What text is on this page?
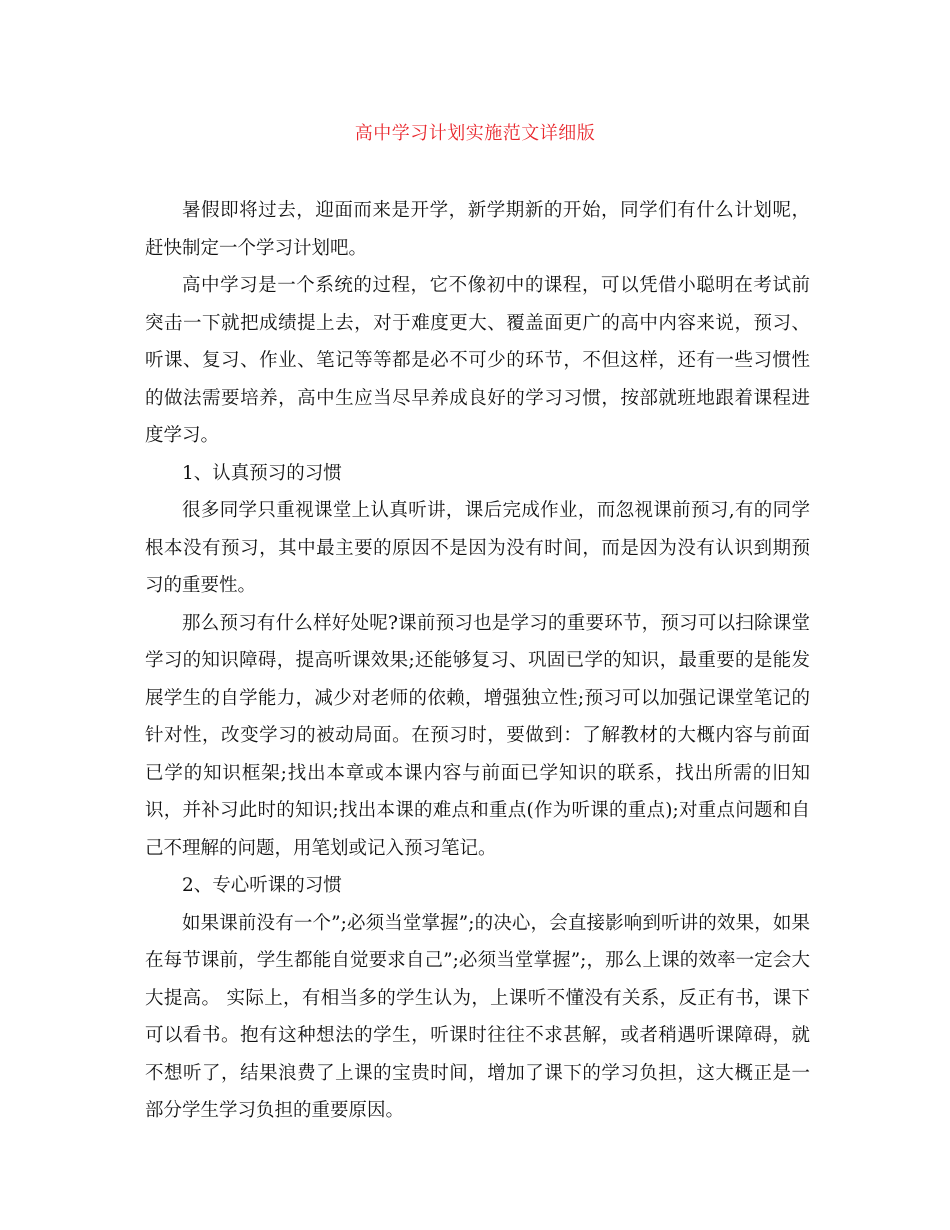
高中学习计划实施范文详细版

暑假即将过去，迎面而来是开学，新学期新的开始，同学们有什么计划呢，赶快制定一个学习计划吧。

高中学习是一个系统的过程，它不像初中的课程，可以凭借小聪明在考试前突击一下就把成绩提上去，对于难度更大、覆盖面更广的高中内容来说，预习、听课、复习、作业、笔记等等都是必不可少的环节，不但这样，还有一些习惯性的做法需要培养，高中生应当尽早养成良好的学习习惯，按部就班地跟着课程进度学习。

1、认真预习的习惯

很多同学只重视课堂上认真听讲，课后完成作业，而忽视课前预习,有的同学根本没有预习，其中最主要的原因不是因为没有时间，而是因为没有认识到期预习的重要性。

那么预习有什么样好处呢?课前预习也是学习的重要环节，预习可以扫除课堂学习的知识障碍，提高听课效果;还能够复习、巩固已学的知识，最重要的是能发展学生的自学能力，减少对老师的依赖，增强独立性;预习可以加强记课堂笔记的针对性，改变学习的被动局面。在预习时，要做到：了解教材的大概内容与前面已学的知识框架;找出本章或本课内容与前面已学知识的联系，找出所需的旧知识，并补习此时的知识;找出本课的难点和重点(作为听课的重点);对重点问题和自己不理解的问题，用笔划或记入预习笔记。

2、专心听课的习惯

如果课前没有一个”;必须当堂掌握”;的决心，会直接影响到听讲的效果，如果在每节课前，学生都能自觉要求自己”;必须当堂掌握”;，那么上课的效率一定会大大提高。 实际上，有相当多的学生认为，上课听不懂没有关系，反正有书，课下可以看书。抱有这种想法的学生，听课时往往不求甚解，或者稍遇听课障碍，就不想听了，结果浪费了上课的宝贵时间，增加了课下的学习负担，这大概正是一部分学生学习负担的重要原因。
